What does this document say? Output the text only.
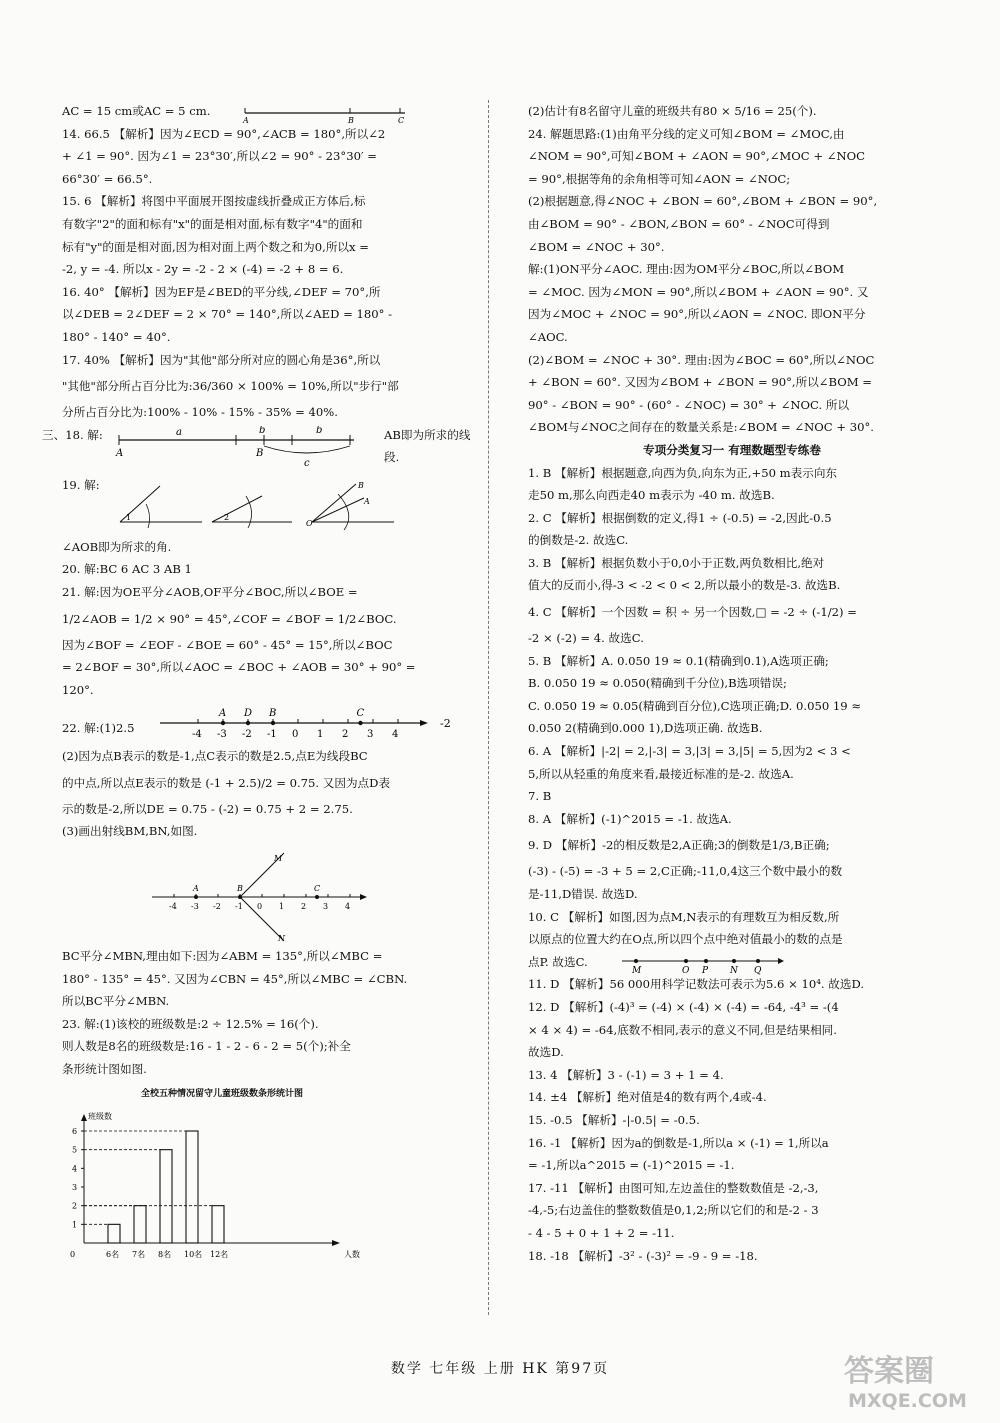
AC = 15 cm或AC = 5 cm.
A	B	C
14. 66.5 【解析】因为∠ECD = 90°,∠ACB = 180°,所以∠2
+ ∠1 = 90°. 因为∠1 = 23°30′,所以∠2 = 90° - 23°30′ =
66°30′ = 66.5°.
15. 6 【解析】将图中平面展开图按虚线折叠成正方体后,标
有数字"2"的面和标有"x"的面是相对面,标有数字"4"的面和
标有"y"的面是相对面,因为相对面上两个数之和为0,所以x =
-2, y = -4. 所以x - 2y = -2 - 2 × (-4) = -2 + 8 = 6.
16. 40° 【解析】因为EF是∠BED的平分线,∠DEF = 70°,所
以∠DEB = 2∠DEF = 2 × 70° = 140°,所以∠AED = 180° -
180° - 140° = 40°.
17. 40% 【解析】因为"其他"部分所对应的圆心角是36°,所以
"其他"部分所占百分比为:36/360 × 100% = 10%,所以"步行"部
分所占百分比为:100% - 10% - 15% - 35% = 40%.
三、18. 解:	a	b	b
c
A	B
AB即为所求的线段.
19. 解:
1	2
O
B
A
∠AOB即为所求的角.
20. 解:BC 6 AC 3 AB 1
21. 解:因为OE平分∠AOB,OF平分∠BOC,所以∠BOE =
1/2∠AOB = 1/2 × 90° = 45°,∠COF = ∠BOF = 1/2∠BOC.
因为∠BOF = ∠EOF - ∠BOE = 60° - 45° = 15°,所以∠BOC
= 2∠BOF = 30°,所以∠AOC = ∠BOC + ∠AOB = 30° + 90° =
120°.
22. 解:(1)2.5	-4 -3 -2 -1 0 1 2 3 4
A D B	C
-2
(2)因为点B表示的数是-1,点C表示的数是2.5,点E为线段BC
的中点,所以点E表示的数是 (-1 + 2.5)/2 = 0.75. 又因为点D表
示的数是-2,所以DE = 0.75 - (-2) = 0.75 + 2 = 2.75.
(3)画出射线BM,BN,如图.
-4 -3 -2 -1 0 1 2 3 4
A	B	C
M
N
BC平分∠MBN,理由如下:因为∠ABM = 135°,所以∠MBC =
180° - 135° = 45°. 又因为∠CBN = 45°,所以∠MBC = ∠CBN.
所以BC平分∠MBN.
23. 解:(1)该校的班级数是:2 ÷ 12.5% = 16(个).
则人数是8名的班级数是:16 - 1 - 2 - 6 - 2 = 5(个);补全
条形统计图如图.
全校五种情况留守儿童班级数条形统计图
班级数
人数
0
1
2
3
4
5
6
6名 7名 8名 10名 12名
(2)估计有8名留守儿童的班级共有80 × 5/16 = 25(个).
24. 解题思路:(1)由角平分线的定义可知∠BOM = ∠MOC,由
∠NOM = 90°,可知∠BOM + ∠AON = 90°,∠MOC + ∠NOC
= 90°,根据等角的余角相等可知∠AON = ∠NOC;
(2)根据题意,得∠NOC + ∠BON = 60°,∠BOM + ∠BON = 90°,
由∠BOM = 90° - ∠BON,∠BON = 60° - ∠NOC可得到
∠BOM = ∠NOC + 30°.
解:(1)ON平分∠AOC. 理由:因为OM平分∠BOC,所以∠BOM
= ∠MOC. 因为∠MON = 90°,所以∠BOM + ∠AON = 90°. 又
因为∠MOC + ∠NOC = 90°,所以∠AON = ∠NOC. 即ON平分
∠AOC.
(2)∠BOM = ∠NOC + 30°. 理由:因为∠BOC = 60°,所以∠NOC
+ ∠BON = 60°. 又因为∠BOM + ∠BON = 90°,所以∠BOM =
90° - ∠BON = 90° - (60° - ∠NOC) = 30° + ∠NOC. 所以
∠BOM与∠NOC之间存在的数量关系是:∠BOM = ∠NOC + 30°.
专项分类复习一 有理数题型专练卷
1. B 【解析】根据题意,向西为负,向东为正,+50 m表示向东
走50 m,那么向西走40 m表示为 -40 m. 故选B.
2. C 【解析】根据倒数的定义,得1 ÷ (-0.5) = -2,因此-0.5
的倒数是-2. 故选C.
3. B 【解析】根据负数小于0,0小于正数,两负数相比,绝对
值大的反而小,得-3 < -2 < 0 < 2,所以最小的数是-3. 故选B.
4. C 【解析】一个因数 = 积 ÷ 另一个因数,□ = -2 ÷ (-1/2) =
-2 × (-2) = 4. 故选C.
5. B 【解析】A. 0.050 19 ≈ 0.1(精确到0.1),A选项正确;
B. 0.050 19 ≈ 0.050(精确到千分位),B选项错误;
C. 0.050 19 ≈ 0.05(精确到百分位),C选项正确;D. 0.050 19 ≈
0.050 2(精确到0.000 1),D选项正确. 故选B.
6. A 【解析】|-2| = 2,|-3| = 3,|3| = 3,|5| = 5,因为2 < 3 <
5,所以从轻重的角度来看,最接近标准的是-2. 故选A.
7. B
8. A 【解析】(-1)^2015 = -1. 故选A.
9. D 【解析】-2的相反数是2,A正确;3的倒数是1/3,B正确;
(-3) - (-5) = -3 + 5 = 2,C正确;-11,0,4这三个数中最小的数
是-11,D错误. 故选D.
10. C 【解析】如图,因为点M,N表示的有理数互为相反数,所
以原点的位置大约在O点,所以四个点中绝对值最小的数的点是
点P. 故选C.
M	O P N Q
11. D 【解析】56 000用科学记数法可表示为5.6 × 10⁴. 故选D.
12. D 【解析】(-4)³ = (-4) × (-4) × (-4) = -64, -4³ = -(4
× 4 × 4) = -64,底数不相同,表示的意义不同,但是结果相同.
故选D.
13. 4 【解析】3 - (-1) = 3 + 1 = 4.
14. ±4 【解析】绝对值是4的数有两个,4或-4.
15. -0.5 【解析】-|-0.5| = -0.5.
16. -1 【解析】因为a的倒数是-1,所以a × (-1) = 1,所以a
= -1,所以a^2015 = (-1)^2015 = -1.
17. -11 【解析】由图可知,左边盖住的整数数值是 -2,-3,
-4,-5;右边盖住的整数数值是0,1,2;所以它们的和是-2 - 3
- 4 - 5 + 0 + 1 + 2 = -11.
18. -18 【解析】-3² - (-3)² = -9 - 9 = -18.
数学 七年级 上册 HK 第97页	答案圈
MXQE.COM
